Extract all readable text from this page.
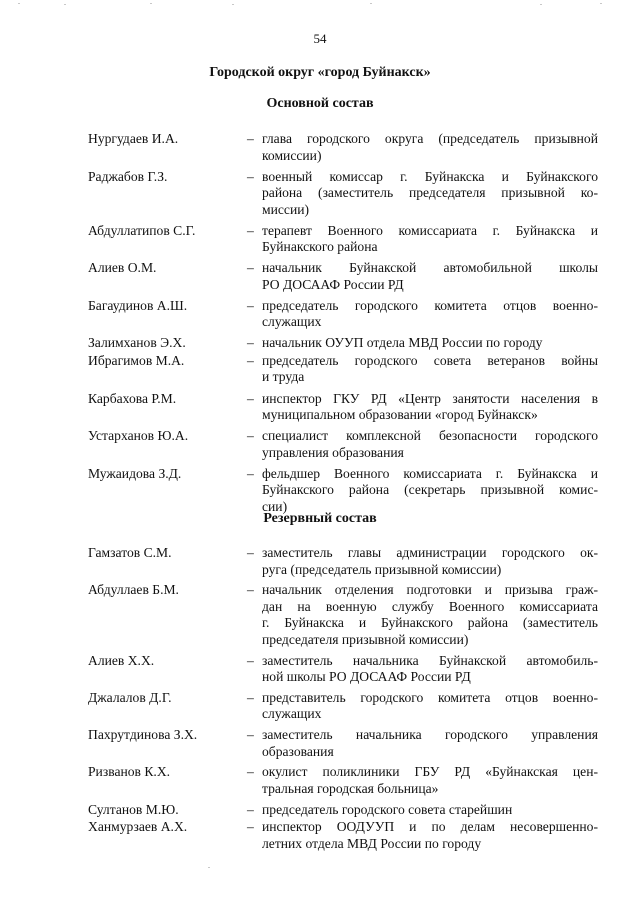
54
Городской округ «город Буйнакск»
Основной состав
Нургудаев И.А.	– глава городского округа (председатель призывной
комиссии)
Раджабов Г.З.	– военный комиссар г. Буйнакска и Буйнакского
района (заместитель председателя призывной ко-
миссии)
Абдуллатипов С.Г.	– терапевт Военного комиссариата г. Буйнакска и
Буйнакского района
Алиев О.М.	– начальник Буйнакской автомобильной школы
РО ДОСААФ России РД
Багаудинов А.Ш.	– председатель городского комитета отцов военно-
служащих
Залимханов Э.Х.	– начальник ОУУП отдела МВД России по городу
Ибрагимов М.А.	– председатель городского совета ветеранов войны
и труда
Карбахова Р.М.	– инспектор ГКУ РД «Центр занятости населения в
муниципальном образовании «город Буйнакск»
Устарханов Ю.А.	– специалист комплексной безопасности городского
управления образования
Мужаидова З.Д.	– фельдшер Военного комиссариата г. Буйнакска и
Буйнакского района (секретарь призывной комис-
сии)
Резервный состав
Гамзатов С.М.	– заместитель главы администрации городского ок-
руга (председатель призывной комиссии)
Абдуллаев Б.М.	– начальник отделения подготовки и призыва граж-
дан на военную службу Военного комиссариата
г. Буйнакска и Буйнакского района (заместитель
председателя призывной комиссии)
Алиев Х.Х.	– заместитель начальника Буйнакской автомобиль-
ной школы РО ДОСААФ России РД
Джалалов Д.Г.	– представитель городского комитета отцов военно-
служащих
Пахрутдинова З.Х.	– заместитель начальника городского управления
образования
Ризванов К.Х.	– окулист поликлиники ГБУ РД «Буйнакская цен-
тральная городская больница»
Султанов М.Ю.	– председатель городского совета старейшин
Ханмурзаев А.Х.	– инспектор ООДУУП и по делам несовершенно-
летних отдела МВД России по городу
